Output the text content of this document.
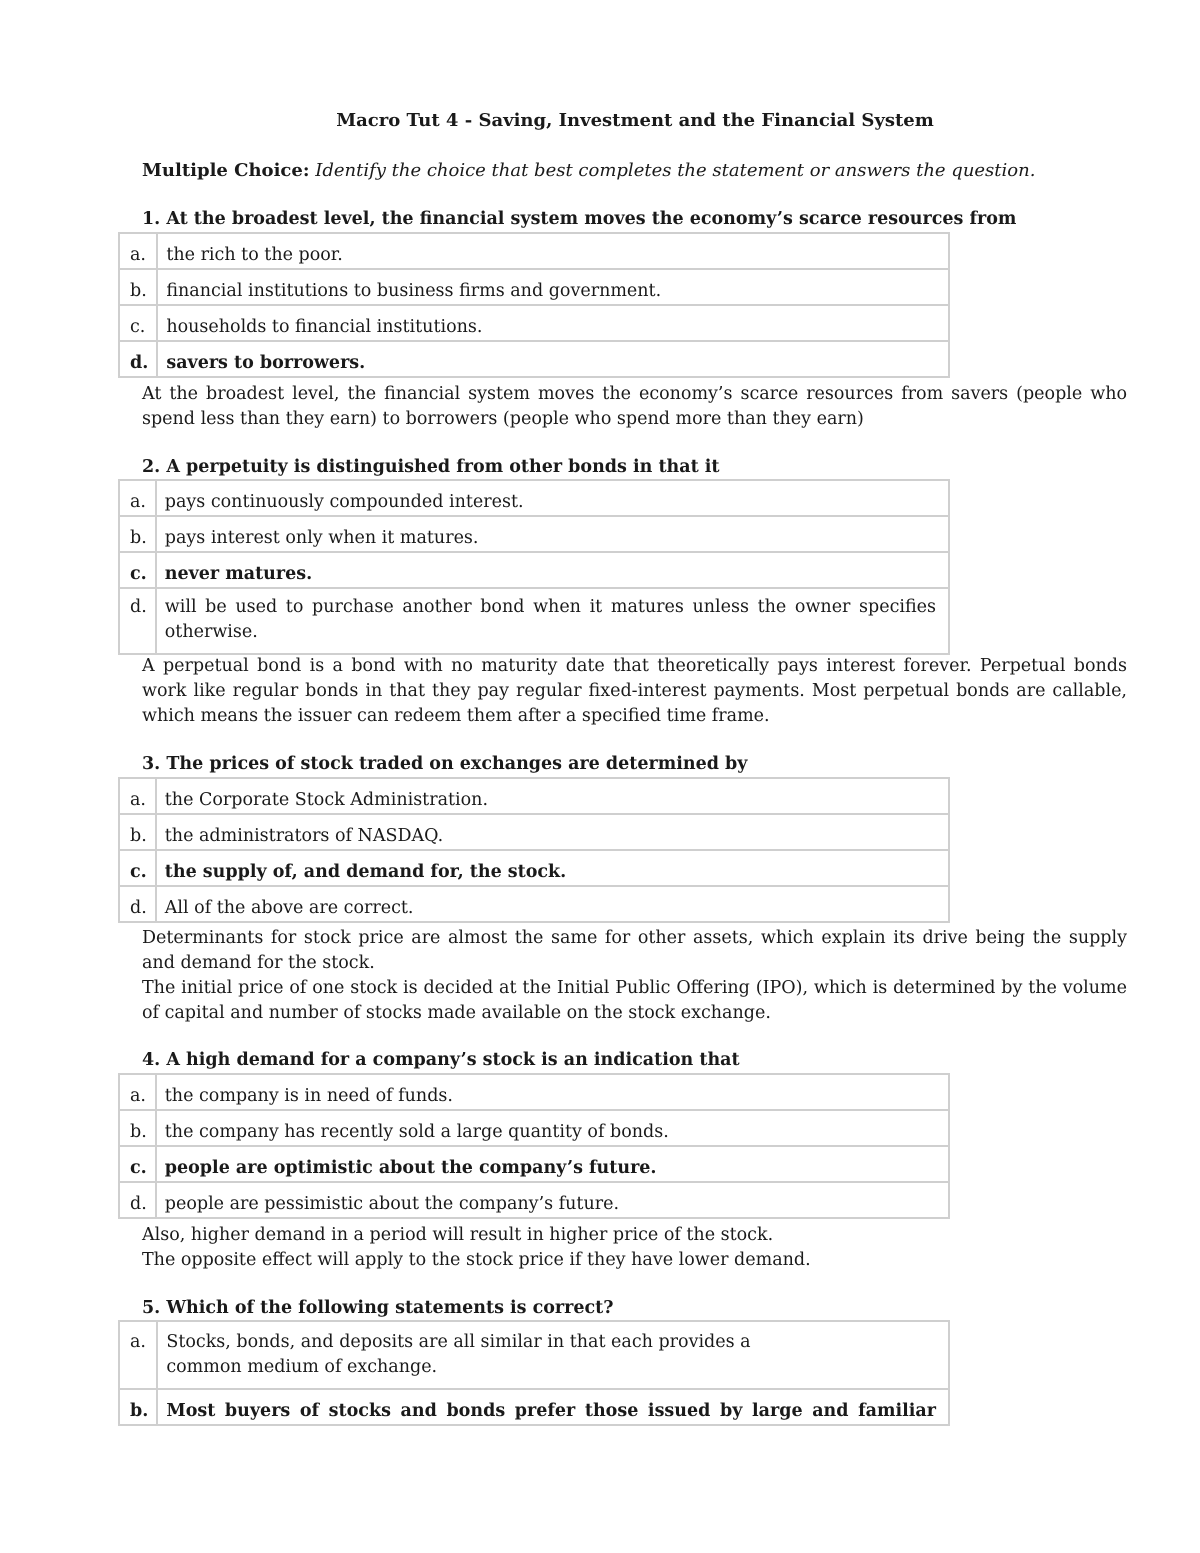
Macro Tut 4 - Saving, Investment and the Financial System
Multiple Choice: Identify the choice that best completes the statement or answers the question.
1. At the broadest level, the financial system moves the economy’s scarce resources from
a.	the rich to the poor.
b.	financial institutions to business firms and government.
c.	households to financial institutions.
d.	savers to borrowers.

At the broadest level, the financial system moves the economy’s scarce resources from savers (people who spend less than they earn) to borrowers (people who spend more than they earn)

2. A perpetuity is distinguished from other bonds in that it
a.	pays continuously compounded interest.
b.	pays interest only when it matures.
c.	never matures.
d.	will be used to purchase another bond when it matures unless the owner specifies otherwise.

A perpetual bond is a bond with no maturity date that theoretically pays interest forever. Perpetual bonds work like regular bonds in that they pay regular fixed-interest payments. Most perpetual bonds are callable, which means the issuer can redeem them after a specified time frame.

3. The prices of stock traded on exchanges are determined by
a.	the Corporate Stock Administration.
b.	the administrators of NASDAQ.
c.	the supply of, and demand for, the stock.
d.	All of the above are correct.

Determinants for stock price are almost the same for other assets, which explain its drive being the supply and demand for the stock.

The initial price of one stock is decided at the Initial Public Offering (IPO), which is determined by the volume of capital and number of stocks made available on the stock exchange.

4. A high demand for a company’s stock is an indication that
a.	the company is in need of funds.
b.	the company has recently sold a large quantity of bonds.
c.	people are optimistic about the company’s future.
d.	people are pessimistic about the company’s future.

Also, higher demand in a period will result in higher price of the stock.

The opposite effect will apply to the stock price if they have lower demand.

5. Which of the following statements is correct?
a.	Stocks, bonds, and deposits are all similar in that each provides a common medium of exchange.
b.	Most buyers of stocks and bonds prefer those issued by large and familiar
